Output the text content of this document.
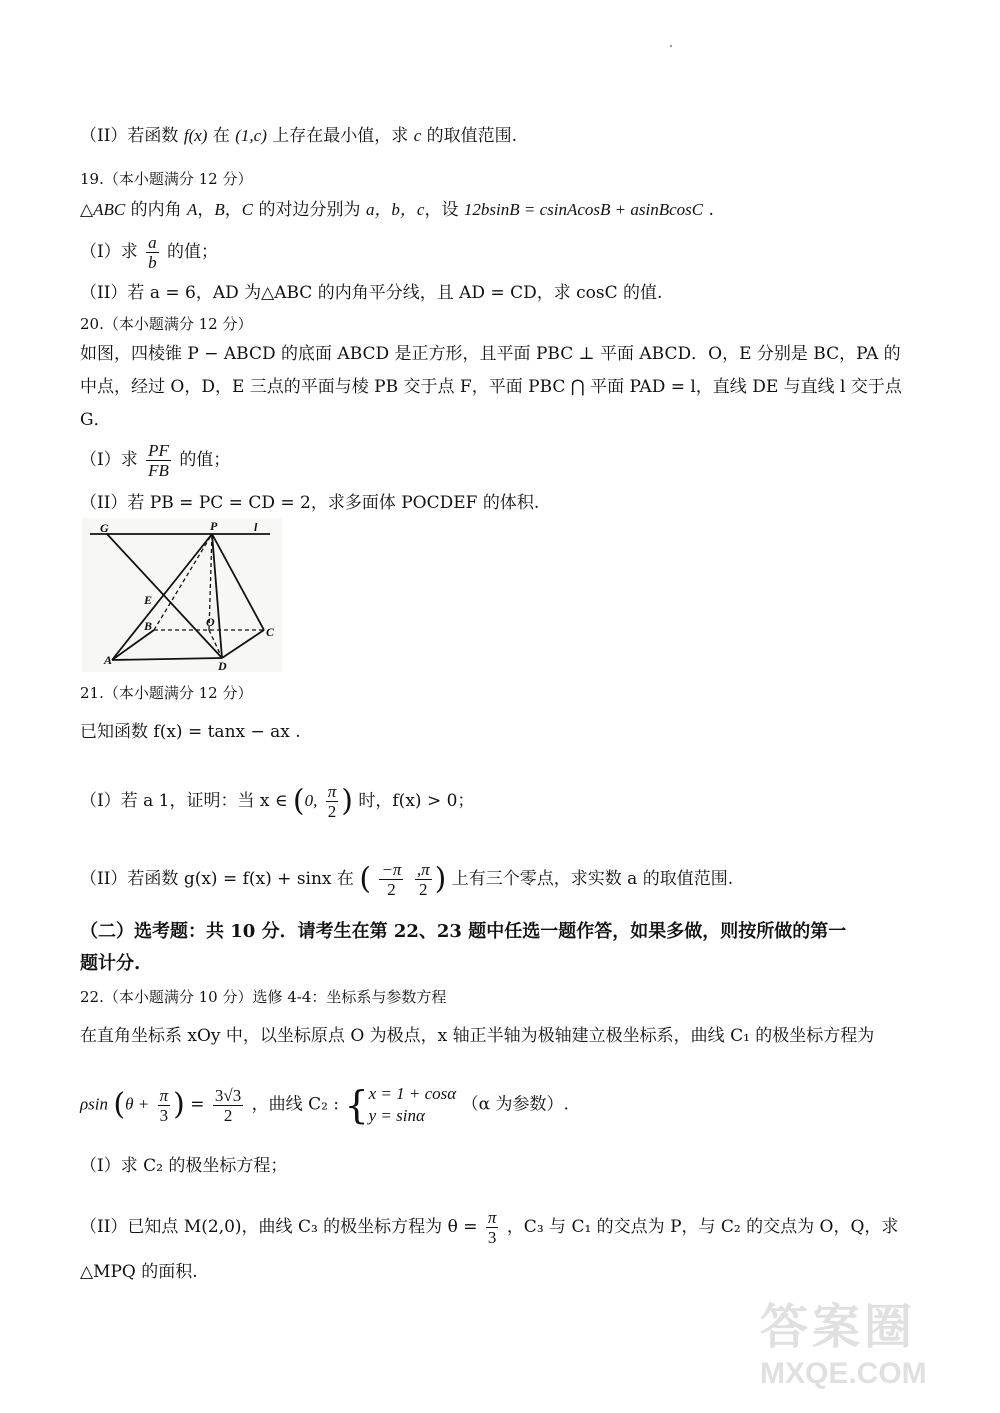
（II）若函数 f(x) 在 (1,c) 上存在最小值，求 c 的取值范围.
19.（本小题满分 12 分）
△ABC 的内角 A，B，C 的对边分别为 a，b，c，设 12bsinB = csinAcosB + asinBcosC .
（I）求 $\frac{a}{b}$ 的值；
（II）若 a = 6，AD 为△ABC 的内角平分线，且 AD = CD，求 cosC 的值.
20.（本小题满分 12 分）
如图，四棱锥 P − ABCD 的底面 ABCD 是正方形，且平面 PBC ⊥ 平面 ABCD．O，E 分别是 BC，PA 的
中点，经过 O，D，E 三点的平面与棱 PB 交于点 F，平面 PBC ⋂ 平面 PAD = l，直线 DE 与直线 l 交于点
G．
（I）求 $\frac{PF}{FB}$ 的值；
（II）若 PB = PC = CD = 2，求多面体 POCDEF 的体积.
G	P	l
E
B	O
C
A	D
21.（本小题满分 12 分）
已知函数 f(x) = tanx − ax .
（I）若 a 1，证明：当 x ∈ (0, $\frac{\pi}{2}$ ) 时，f(x) > 0；
（II）若函数 g(x) = f(x) + sinx 在 ( $\frac{-\pi}{2}$
$\frac{,\pi}{2}$ ) 上有三个零点，求实数 a 的取值范围.
（二）选考题：共 10 分．请考生在第 22、23 题中任选一题作答，如果多做，则按所做的第一
题计分.
22.（本小题满分 10 分）选修 4-4：坐标系与参数方程
在直角坐标系 xOy 中，以坐标原点 O 为极点，x 轴正半轴为极轴建立极坐标系，曲线 C₁ 的极坐标方程为
ρsin ($\theta + \frac{\pi}{3}$ ) = $\frac{3√3}{2}$ ，曲线 C₂ : { x = 1 + cosα
y = sinα
（α 为参数）.
（I）求 C₂ 的极坐标方程；
（II）已知点 M(2,0)，曲线 C₃ 的极坐标方程为 $\theta = \frac{\pi}{3}$ ，C₃ 与 C₁ 的交点为 P，与 C₂ 的交点为 O，Q，求
△MPQ 的面积.
答案圈
MXQE.COM
